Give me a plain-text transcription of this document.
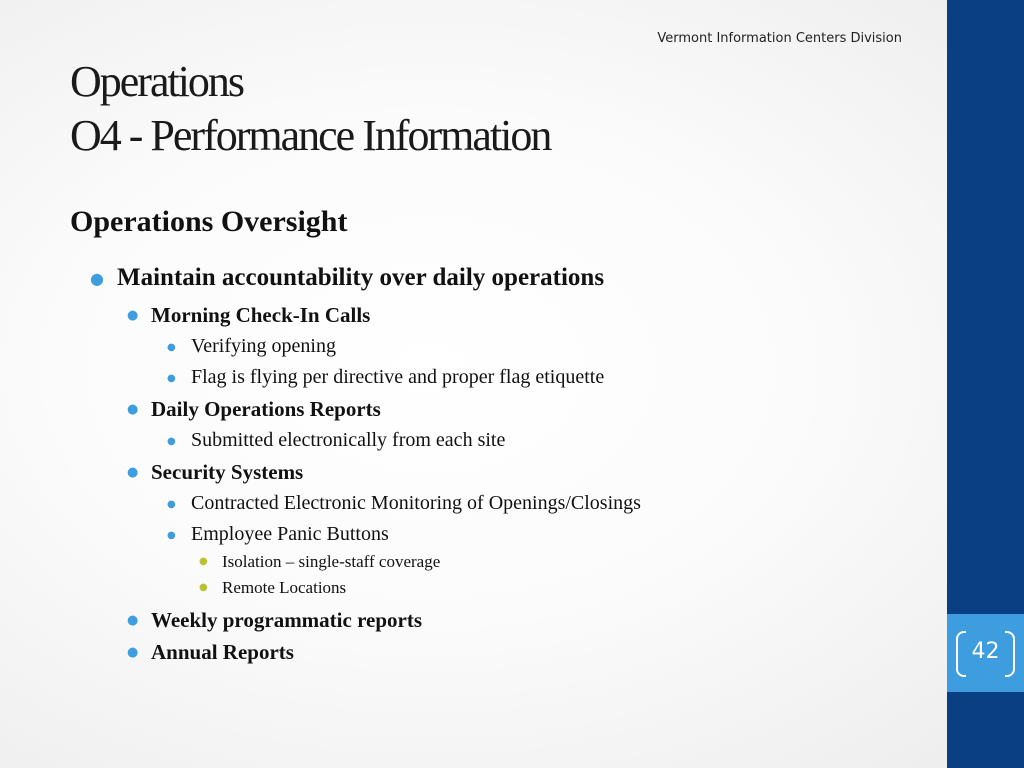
42
Vermont Information Centers Division
Operations
O4 - Performance Information
Operations Oversight
● Maintain accountability over daily operations
● Morning Check-In Calls
● Verifying opening
● Flag is flying per directive and proper flag etiquette
● Daily Operations Reports
● Submitted electronically from each site
● Security Systems
● Contracted Electronic Monitoring of Openings/Closings
● Employee Panic Buttons
● Isolation – single-staff coverage
● Remote Locations
● Weekly programmatic reports
● Annual Reports
